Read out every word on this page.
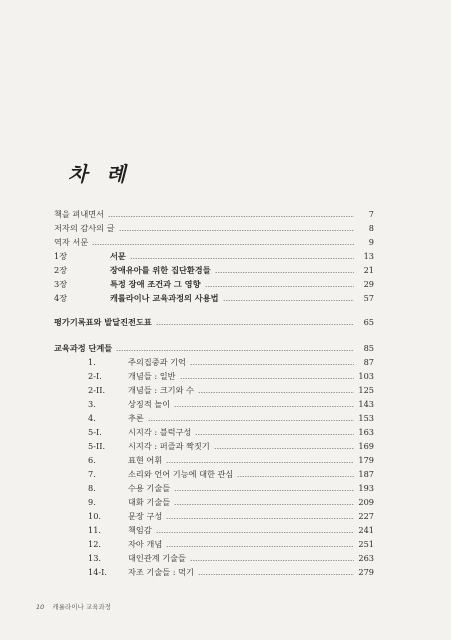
차 례
책을 펴내면서	7
저자의 감사의 글	8
역자 서문	9
1장	서문	13
2장	장애유아를 위한 집단환경들	21
3장	특정 장애 조건과 그 영향	29
4장	캐롤라이나 교육과정의 사용법	57
평가기록표와 발달진전도표	65
교육과정 단계들	85
1.	주의집중과 기억	87
2-I.	개념들 : 일반	103
2-II.	개념들 : 크기와 수	125
3.	상징적 놀이	143
4.	추론	153
5-I.	시지각 : 블럭구성	163
5-II.	시지각 : 퍼즐과 짝짓기	169
6.	표현 어휘	179
7.	소리와 언어 기능에 대한 관심	187
8.	수용 기술들	193
9.	대화 기술들	209
10.	문장 구성	227
11.	책임감	241
12.	자아 개념	251
13.	대인관계 기술들	263
14-I.	자조 기술들 : 먹기	279
10 캐롤라이나 교육과정
